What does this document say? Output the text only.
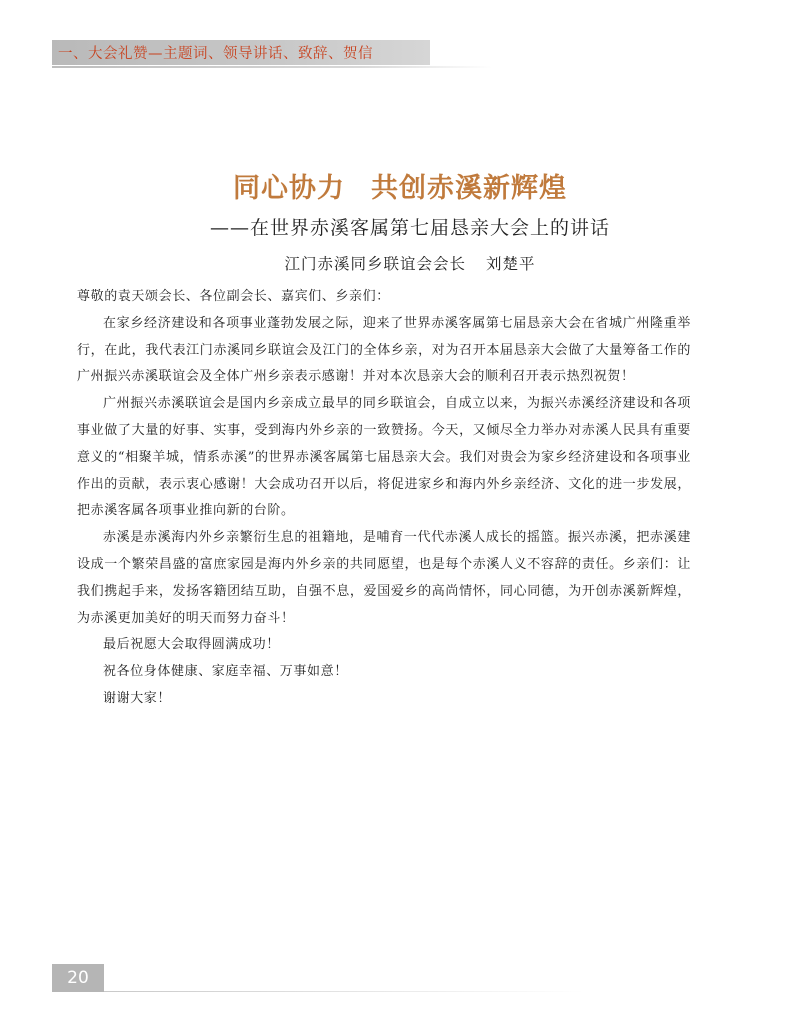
一、大会礼赞—主题词、领导讲话、致辞、贺信
同心协力 共创赤溪新辉煌
——在世界赤溪客属第七届恳亲大会上的讲话
江门赤溪同乡联谊会会长 刘楚平

尊敬的袁天颂会长、各位副会长、嘉宾们、乡亲们：

在家乡经济建设和各项事业蓬勃发展之际，迎来了世界赤溪客属第七届恳亲大会在省城广州隆重举行，在此，我代表江门赤溪同乡联谊会及江门的全体乡亲，对为召开本届恳亲大会做了大量筹备工作的广州振兴赤溪联谊会及全体广州乡亲表示感谢！并对本次恳亲大会的顺利召开表示热烈祝贺！

广州振兴赤溪联谊会是国内乡亲成立最早的同乡联谊会，自成立以来，为振兴赤溪经济建设和各项事业做了大量的好事、实事，受到海内外乡亲的一致赞扬。今天，又倾尽全力举办对赤溪人民具有重要意义的“相聚羊城，情系赤溪”的世界赤溪客属第七届恳亲大会。我们对贵会为家乡经济建设和各项事业作出的贡献，表示衷心感谢！大会成功召开以后，将促进家乡和海内外乡亲经济、文化的进一步发展，把赤溪客属各项事业推向新的台阶。

赤溪是赤溪海内外乡亲繁衍生息的祖籍地，是哺育一代代赤溪人成长的摇篮。振兴赤溪，把赤溪建设成一个繁荣昌盛的富庶家园是海内外乡亲的共同愿望，也是每个赤溪人义不容辞的责任。乡亲们：让我们携起手来，发扬客籍团结互助，自强不息，爱国爱乡的高尚情怀，同心同德，为开创赤溪新辉煌，为赤溪更加美好的明天而努力奋斗！

最后祝愿大会取得圆满成功！

祝各位身体健康、家庭幸福、万事如意！

谢谢大家！

20
